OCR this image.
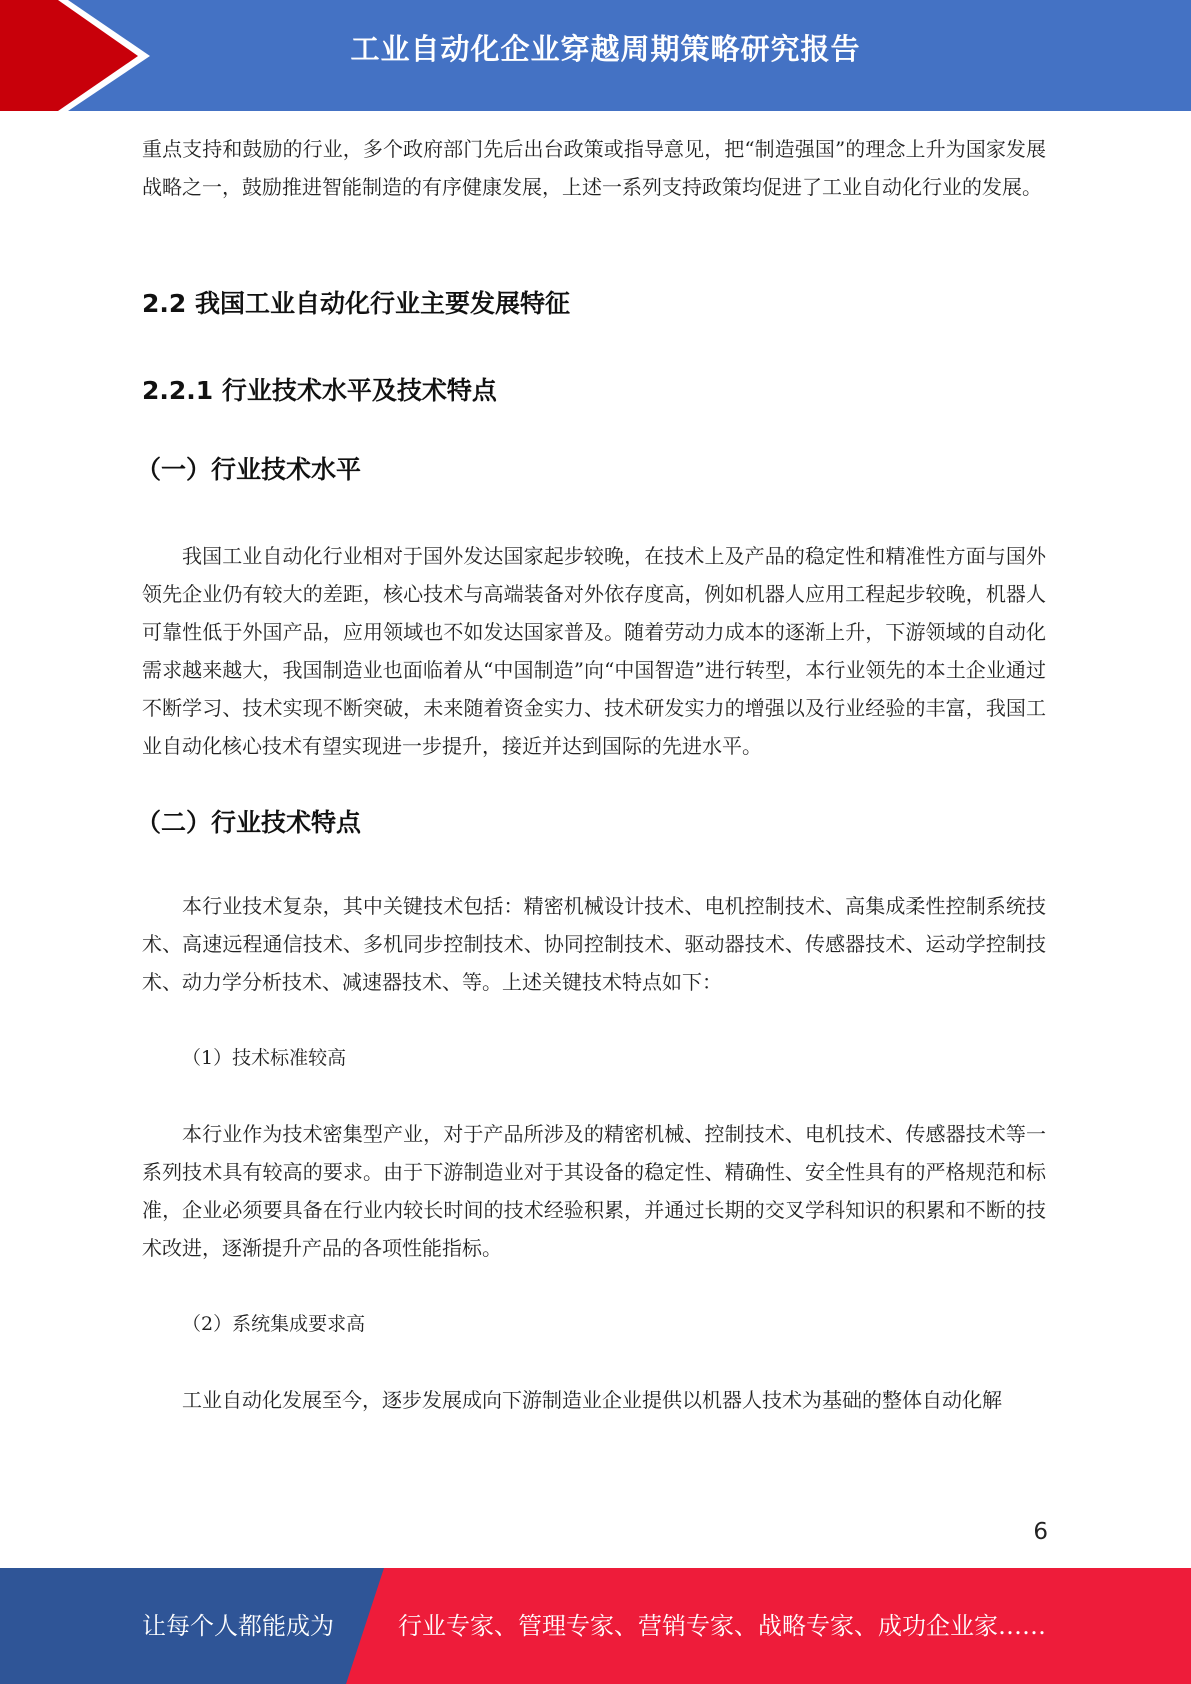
工业自动化企业穿越周期策略研究报告

重点支持和鼓励的行业，多个政府部门先后出台政策或指导意见，把“制造强国”的理念上升为国家发展战略之一，鼓励推进智能制造的有序健康发展，上述一系列支持政策均促进了工业自动化行业的发展。

2.2 我国工业自动化行业主要发展特征
2.2.1 行业技术水平及技术特点
（一）行业技术水平

我国工业自动化行业相对于国外发达国家起步较晚，在技术上及产品的稳定性和精准性方面与国外领先企业仍有较大的差距，核心技术与高端装备对外依存度高，例如机器人应用工程起步较晚，机器人可靠性低于外国产品，应用领域也不如发达国家普及。随着劳动力成本的逐渐上升，下游领域的自动化需求越来越大，我国制造业也面临着从“中国制造”向“中国智造”进行转型，本行业领先的本土企业通过不断学习、技术实现不断突破，未来随着资金实力、技术研发实力的增强以及行业经验的丰富，我国工业自动化核心技术有望实现进一步提升，接近并达到国际的先进水平。

（二）行业技术特点

本行业技术复杂，其中关键技术包括：精密机械设计技术、电机控制技术、高集成柔性控制系统技术、高速远程通信技术、多机同步控制技术、协同控制技术、驱动器技术、传感器技术、运动学控制技术、动力学分析技术、减速器技术、等。上述关键技术特点如下：

（1）技术标准较高

本行业作为技术密集型产业，对于产品所涉及的精密机械、控制技术、电机技术、传感器技术等一系列技术具有较高的要求。由于下游制造业对于其设备的稳定性、精确性、安全性具有的严格规范和标准，企业必须要具备在行业内较长时间的技术经验积累，并通过长期的交叉学科知识的积累和不断的技术改进，逐渐提升产品的各项性能指标。

（2）系统集成要求高

工业自动化发展至今，逐步发展成向下游制造业企业提供以机器人技术为基础的整体自动化解

6
让每个人都能成为	行业专家、管理专家、营销专家、战略专家、成功企业家……
